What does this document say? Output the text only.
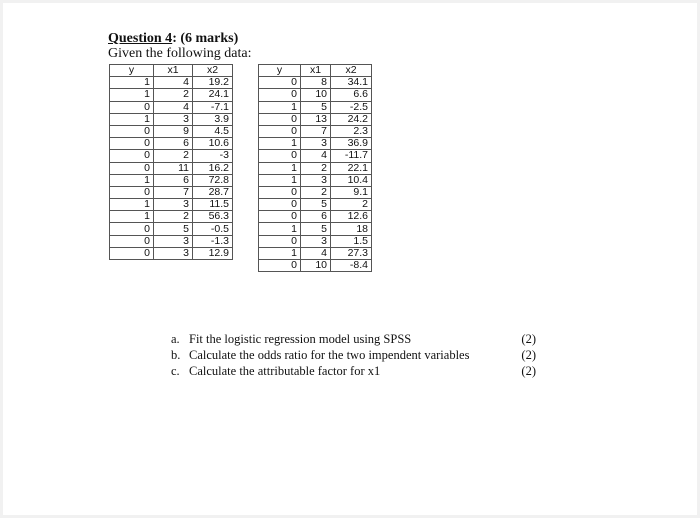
Question 4: (6 marks)
Given the following data:
y	x1	x2
1	4	19.2
1	2	24.1
0	4	-7.1
1	3	3.9
0	9	4.5
0	6	10.6
0	2	-3
0	11	16.2
1	6	72.8
0	7	28.7
1	3	11.5
1	2	56.3
0	5	-0.5
0	3	-1.3
0	3	12.9
y	x1	x2
0	8	34.1
0	10	6.6
1	5	-2.5
0	13	24.2
0	7	2.3
1	3	36.9
0	4	-11.7
1	2	22.1
1	3	10.4
0	2	9.1
0	5	2
0	6	12.6
1	5	18
0	3	1.5
1	4	27.3
0	10	-8.4
a. Fit the logistic regression model using SPSS	(2)
b. Calculate the odds ratio for the two impendent variables	(2)
c. Calculate the attributable factor for x1	(2)
